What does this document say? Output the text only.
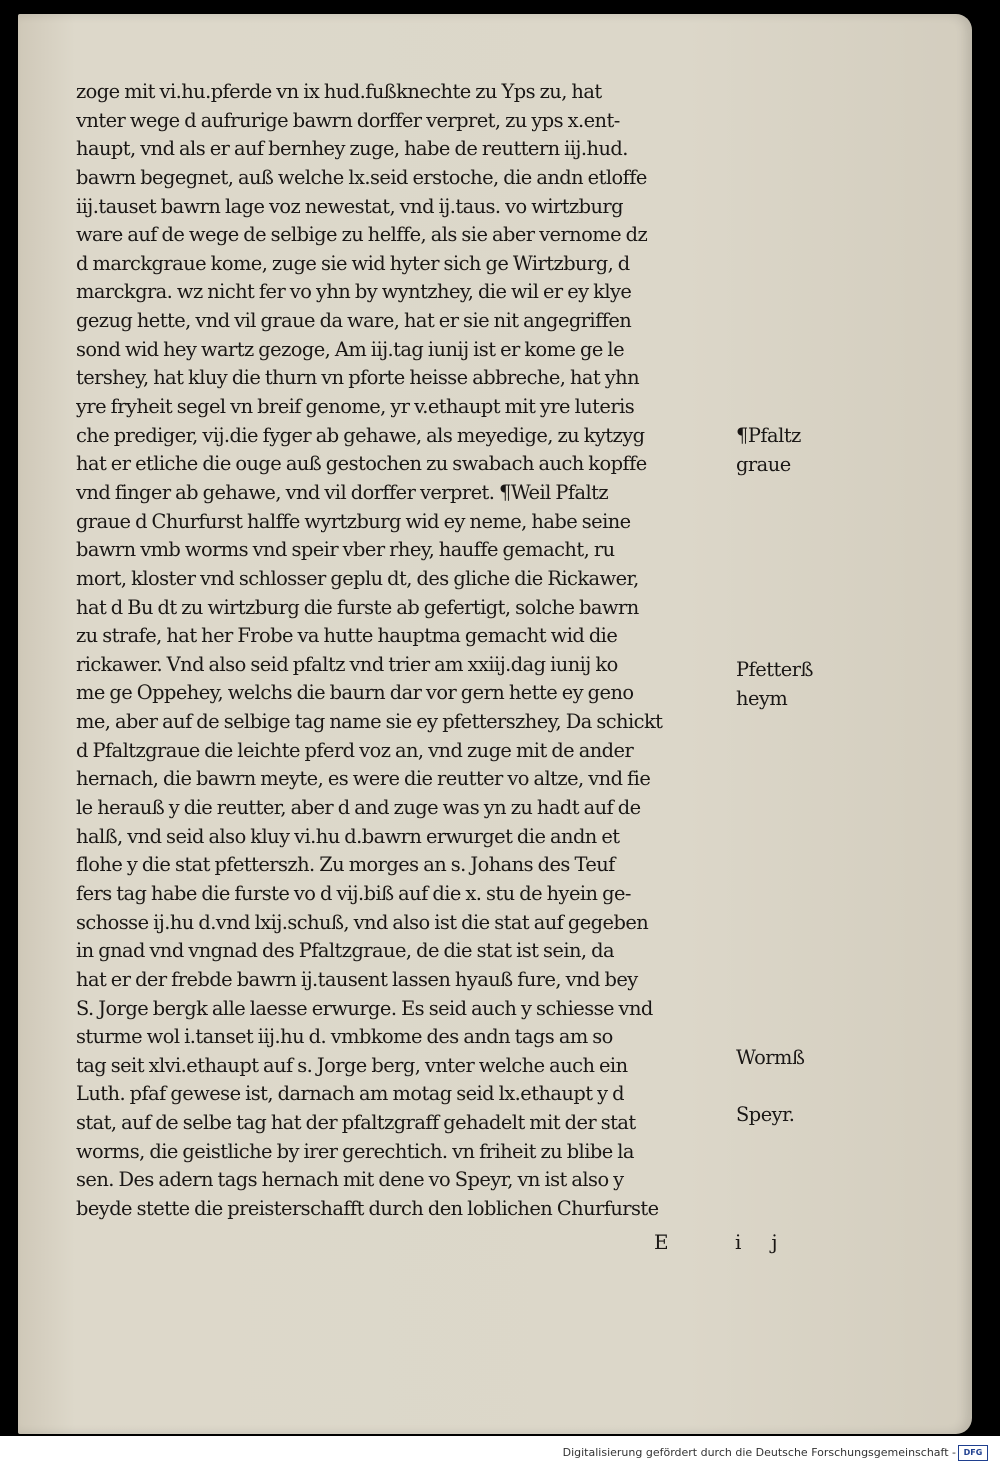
zoge mit vi.hu.pferde vn ix hud.fußknechte zu Yps zu, hat
vnter wege d aufrurige bawrn dorffer verpret, zu yps x.ent-
haupt, vnd als er auf bernhey zuge, habe de reuttern iij.hud.
bawrn begegnet, auß welche lx.seid erstoche, die andn etloffe
iij.tauset bawrn lage voz newestat, vnd ij.taus. vo wirtzburg
ware auf de wege de selbige zu helffe, als sie aber vernome dz
d marckgraue kome, zuge sie wid hyter sich ge Wirtzburg, d
marckgra. wz nicht fer vo yhn by wyntzhey, die wil er ey klye
gezug hette, vnd vil graue da ware, hat er sie nit angegriffen
sond wid hey wartz gezoge, Am iij.tag iunij ist er kome ge le
tershey, hat kluy die thurn vn pforte heisse abbreche, hat yhn
yre fryheit segel vn breif genome, yr v.ethaupt mit yre luteris
che prediger, vij.die fyger ab gehawe, als meyedige, zu kytzyg
hat er etliche die ouge auß gestochen zu swabach auch kopffe
vnd finger ab gehawe, vnd vil dorffer verpret. ¶Weil Pfaltz
graue d Churfurst halffe wyrtzburg wid ey neme, habe seine
bawrn vmb worms vnd speir vber rhey, hauffe gemacht, ru
mort, kloster vnd schlosser geplu dt, des gliche die Rickawer,
hat d Bu dt zu wirtzburg die furste ab gefertigt, solche bawrn
zu strafe, hat her Frobe va hutte hauptma gemacht wid die
rickawer. Vnd also seid pfaltz vnd trier am xxiij.dag iunij ko
me ge Oppehey, welchs die baurn dar vor gern hette ey geno
me, aber auf de selbige tag name sie ey pfetterszhey, Da schickt
d Pfaltzgraue die leichte pferd voz an, vnd zuge mit de ander
hernach, die bawrn meyte, es were die reutter vo altze, vnd fie
le herauß y die reutter, aber d and zuge was yn zu hadt auf de
halß, vnd seid also kluy vi.hu d.bawrn erwurget die andn et
flohe y die stat pfetterszh. Zu morges an s. Johans des Teuf
fers tag habe die furste vo d vij.biß auf die x. stu de hyein ge-
schosse ij.hu d.vnd lxij.schuß, vnd also ist die stat auf gegeben
in gnad vnd vngnad des Pfaltzgraue, de die stat ist sein, da
hat er der frebde bawrn ij.tausent lassen hyauß fure, vnd bey
S. Jorge bergk alle laesse erwurge. Es seid auch y schiesse vnd
sturme wol i.tanset iij.hu d. vmbkome des andn tags am so
tag seit xlvi.ethaupt auf s. Jorge berg, vnter welche auch ein
Luth. pfaf gewese ist, darnach am motag seid lx.ethaupt y d
stat, auf de selbe tag hat der pfaltzgraff gehadelt mit der stat
worms, die geistliche by irer gerechtich. vn friheit zu blibe la
sen. Des adern tags hernach mit dene vo Speyr, vn ist also y
beyde stette die preisterschafft durch den loblichen Churfurste
¶Pfaltz
graue
Pfetterß
heym
Wormß
Speyr.
E ij
Digitalisierung gefördert durch die Deutsche Forschungsgemeinschaft - DFG
